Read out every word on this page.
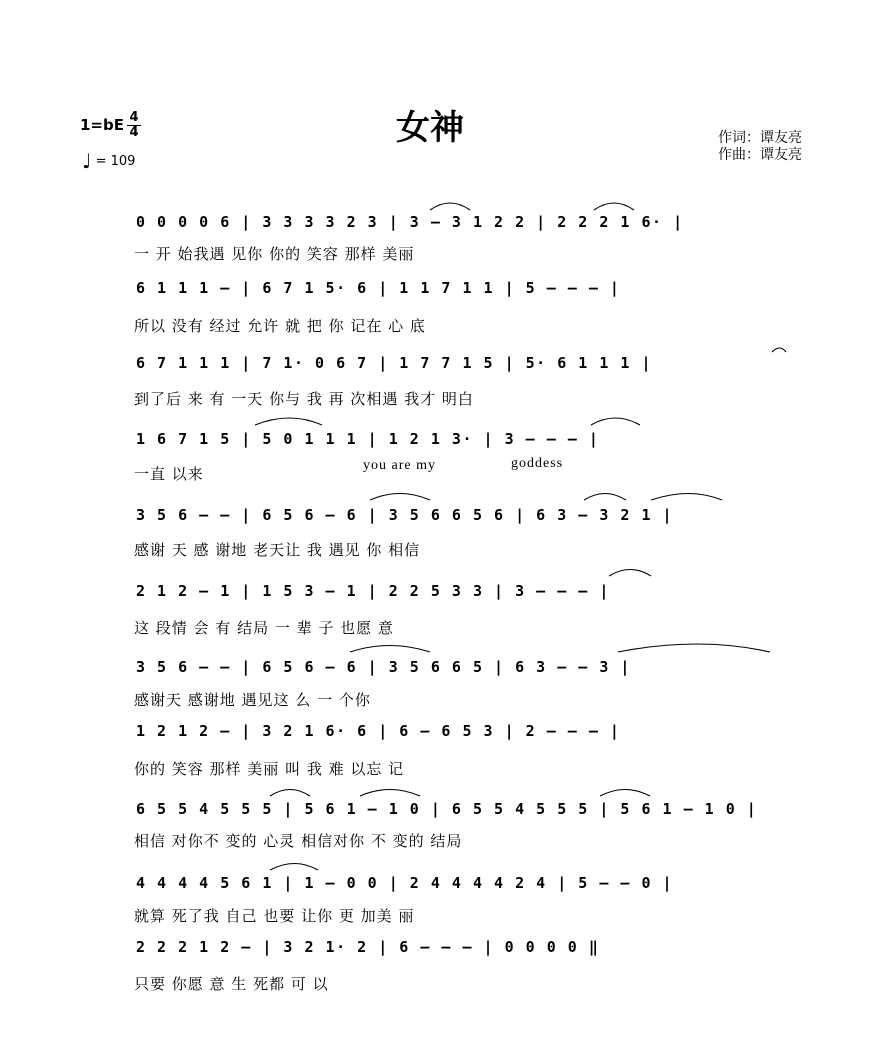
女神
1=bE 4
4
♩ = 109
作词：谭友亮
作曲：谭友亮
0 0 0 0 6 | 3 3 3 3 2 3 | 3 – 3 1 2 2 | 2 2 2 1 6· |
一 开 始我遇 见你 你的 笑容 那样 美丽
6 1 1 1 – | 6 7 1 5· 6 | 1 1 7 1 1 | 5 – – – |
所以 没有 经过 允许 就 把 你 记在 心 底
6 7 1 1 1 | 7 1· 0 6 7 | 1 7 7 1 5 | 5· 6 1 1 1 |
到了后 来 有 一天 你与 我 再 次相遇 我才 明白
1 6 7 1 5 | 5 0 1 1 1 | 1 2 1 3· | 3 – – – |
一直 以来	you are my	goddess
3 5 6 – – | 6 5 6 – 6 | 3 5 6 6 5 6 | 6 3 – 3 2 1 |
感谢 天 感 谢地 老天让 我 遇见 你 相信
2 1 2 – 1 | 1 5 3 – 1 | 2 2 5 3 3 | 3 – – – |
这 段情 会 有 结局 一 辈 子 也愿 意
3 5 6 – – | 6 5 6 – 6 | 3 5 6 6 5 | 6 3 – – 3 |
感谢天 感谢地 遇见这 么 一 个你
1 2 1 2 – | 3 2 1 6· 6 | 6 – 6 5 3 | 2 – – – |
你的 笑容 那样 美丽 叫 我 难 以忘 记
6 5 5 4 5 5 5 | 5 6 1 – 1 0 | 6 5 5 4 5 5 5 | 5 6 1 – 1 0 |
相信 对你不 变的 心灵 相信对你 不 变的 结局
4 4 4 4 5 6 1 | 1 – 0 0 | 2 4 4 4 4 2 4 | 5 – – 0 |
就算 死了我 自己 也要 让你 更 加美 丽
2 2 2 1 2 – | 3 2 1· 2 | 6 – – – | 0 0 0 0 ‖
只要 你愿 意 生 死都 可 以
